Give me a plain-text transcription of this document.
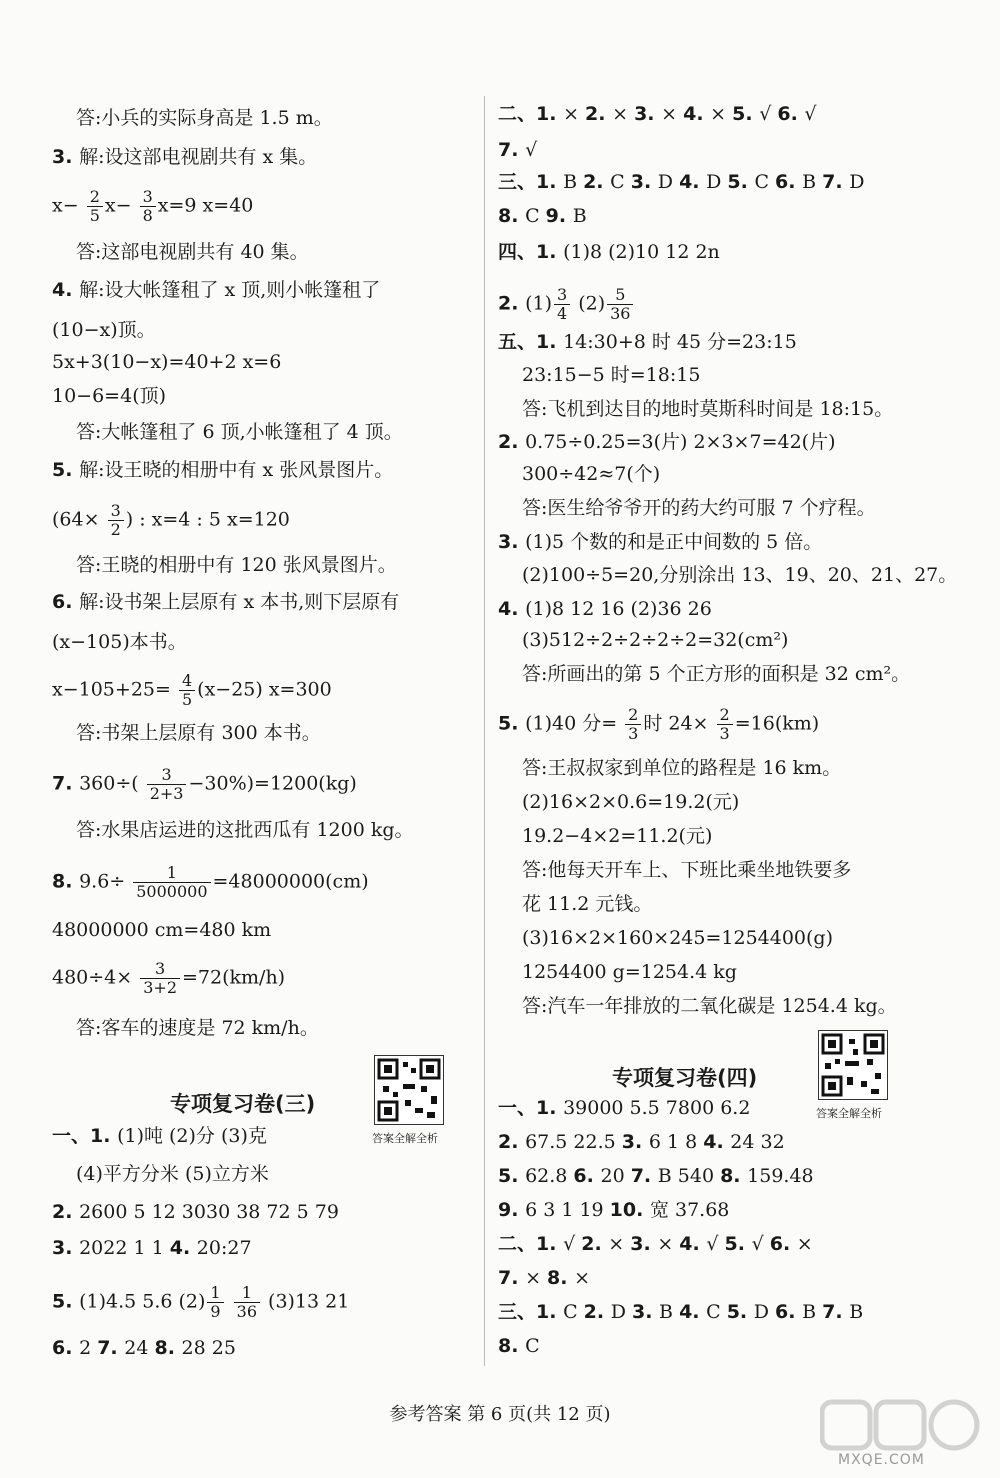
答:小兵的实际身高是 1.5 m。
3. 解:设这部电视剧共有 x 集。
$x- \frac{2}{5} x- \frac{3}{8} x=9$ x=40
答:这部电视剧共有 40 集。
4. 解:设大帐篷租了 x 顶,则小帐篷租了
(10−x)顶。
5x+3(10−x)=40+2 x=6
10−6=4(顶)
答:大帐篷租了 6 顶,小帐篷租了 4 顶。
5. 解:设王晓的相册中有 x 张风景图片。
($64\times \frac{3}{2}$ ) : x=4 : 5 x=120
答:王晓的相册中有 120 张风景图片。
6. 解:设书架上层原有 x 本书,则下层原有
(x−105)本书。
$x-105+25= \frac{4}{5} (x-25)$ x=300
答:书架上层原有 300 本书。
7. $360\div( \frac{3}{2+3} -30\%)=1200(kg)$
答:水果店运进的这批西瓜有 1200 kg。
8. $9.6\div \frac{1}{5000000} =48000000(cm)$
48000000 cm=480 km
$480\div 4\times \frac{3}{3+2} =72(km/h)$
答:客车的速度是 72 km/h。
二、1. × 2. × 3. × 4. × 5. √ 6. √
7. √
三、1. B 2. C 3. D 4. D 5. C 6. B 7. D
8. C 9. B
四、1. (1)8 (2)10 12 2n
2. $(1) \frac{3}{4} (2) \frac{5}{36}$
五、1. 14:30+8 时 45 分=23:15
23:15−5 时=18:15
答:飞机到达目的地时莫斯科时间是 18:15。
2. 0.75÷0.25=3(片) 2×3×7=42(片)
300÷42≈7(个)
答:医生给爷爷开的药大约可服 7 个疗程。
3. (1)5 个数的和是正中间数的 5 倍。
(2)100÷5=20,分别涂出 13、19、20、21、27。
4. (1)8 12 16 (2)36 26
(3)512÷2÷2÷2÷2=32(cm²)
答:所画出的第 5 个正方形的面积是 32 cm²。
5. (1)40 分= $\frac{2}{3}$ 时 $24\times \frac{2}{3} =16(km)$
答:王叔叔家到单位的路程是 16 km。
(2)16×2×0.6=19.2(元)
19.2−4×2=11.2(元)
答:他每天开车上、下班比乘坐地铁要多
花 11.2 元钱。
(3)16×2×160×245=1254400(g)
1254400 g=1254.4 kg
答:汽车一年排放的二氧化碳是 1254.4 kg。
专项复习卷(三)
答案全解全析
一、1. (1)吨 (2)分 (3)克
(4)平方分米 (5)立方米
2. 2600 5 12 3030 38 72 5 79
3. 2022 1 1 4. 20:27
5. (1)4.5 5.6 $(2) \frac{1}{9}$
$\frac{1}{36} (3)13$ 21
6. 2 7. 24 8. 28 25
专项复习卷(四)
答案全解全析
一、1. 39000 5.5 7800 6.2
2. 67.5 22.5 3. 6 1 8 4. 24 32
5. 62.8 6. 20 7. B 540 8. 159.48
9. 6 3 1 19 10. 宽 37.68
二、1. √ 2. × 3. × 4. √ 5. √ 6. ×
7. × 8. ×
三、1. C 2. D 3. B 4. C 5. D 6. B 7. B
8. C
参考答案 第 6 页(共 12 页)
MXQE.COM
